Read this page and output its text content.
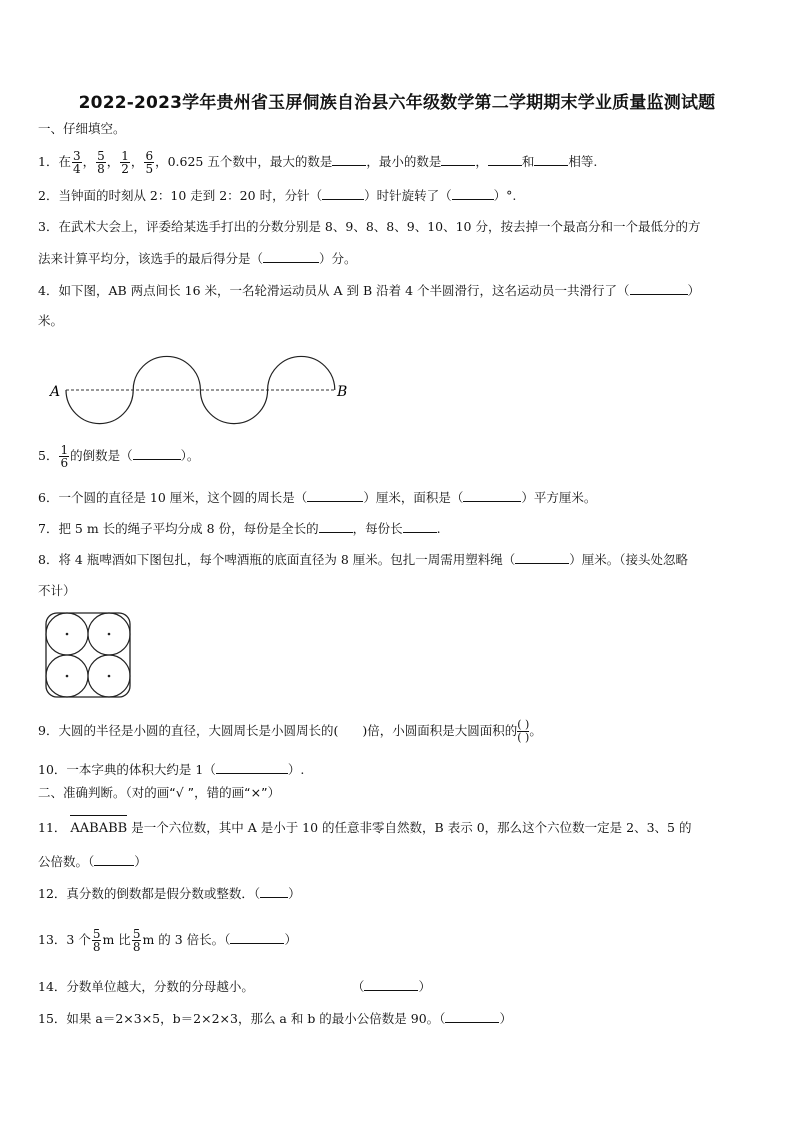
2022-2023学年贵州省玉屏侗族自治县六年级数学第二学期期末学业质量监测试题
一、仔细填空。
1．在 $\frac{3}{4}$ ， $\frac{5}{8}$ ， $\frac{1}{2}$ ， $\frac{6}{5}$ ，0.625 五个数中，最大的数是	，最小的数是	，	和	相等.
2．当钟面的时刻从 2：10 走到 2：20 时，分针（	）时针旋转了（	）°.
3．在武术大会上，评委给某选手打出的分数分别是 8、9、8、8、9、10、10 分，按去掉一个最高分和一个最低分的方
法来计算平均分，该选手的最后得分是（	）分。
4．如下图，AB 两点间长 16 米，一名轮滑运动员从 A 到 B 沿着 4 个半圆滑行，这名运动员一共滑行了（	）
米。
A	B
5． $\frac{1}{6}$ 的倒数是（	）。
6．一个圆的直径是 10 厘米，这个圆的周长是（	）厘米，面积是（	）平方厘米。
7．把 5 m 长的绳子平均分成 8 份，每份是全长的	，每份长	.
8．将 4 瓶啤酒如下图包扎，每个啤酒瓶的底面直径为 8 厘米。包扎一周需用塑料绳（	）厘米。（接头处忽略
不计）
9．大圆的半径是小圆的直径，大圆周长是小圆周长的( )倍，小圆面积是大圆面积的 $\frac{( )}{( )}$ 。
10．一本字典的体积大约是 1（	）.
二、准确判断。（对的画“√ ”，错的画“×”）
11． AABABB 是一个六位数，其中 A 是小于 10 的任意非零自然数，B 表示 0，那么这个六位数一定是 2、3、5 的
公倍数。（	）
12．真分数的倒数都是假分数或整数．（ ）
13．3 个 $\frac{5}{8}$ m 比 $\frac{5}{8}$ m 的 3 倍长。（	）
14．分数单位越大，分数的分母越小。	（	）
15．如果 a＝2×3×5，b＝2×2×3，那么 a 和 b 的最小公倍数是 90。（	）
